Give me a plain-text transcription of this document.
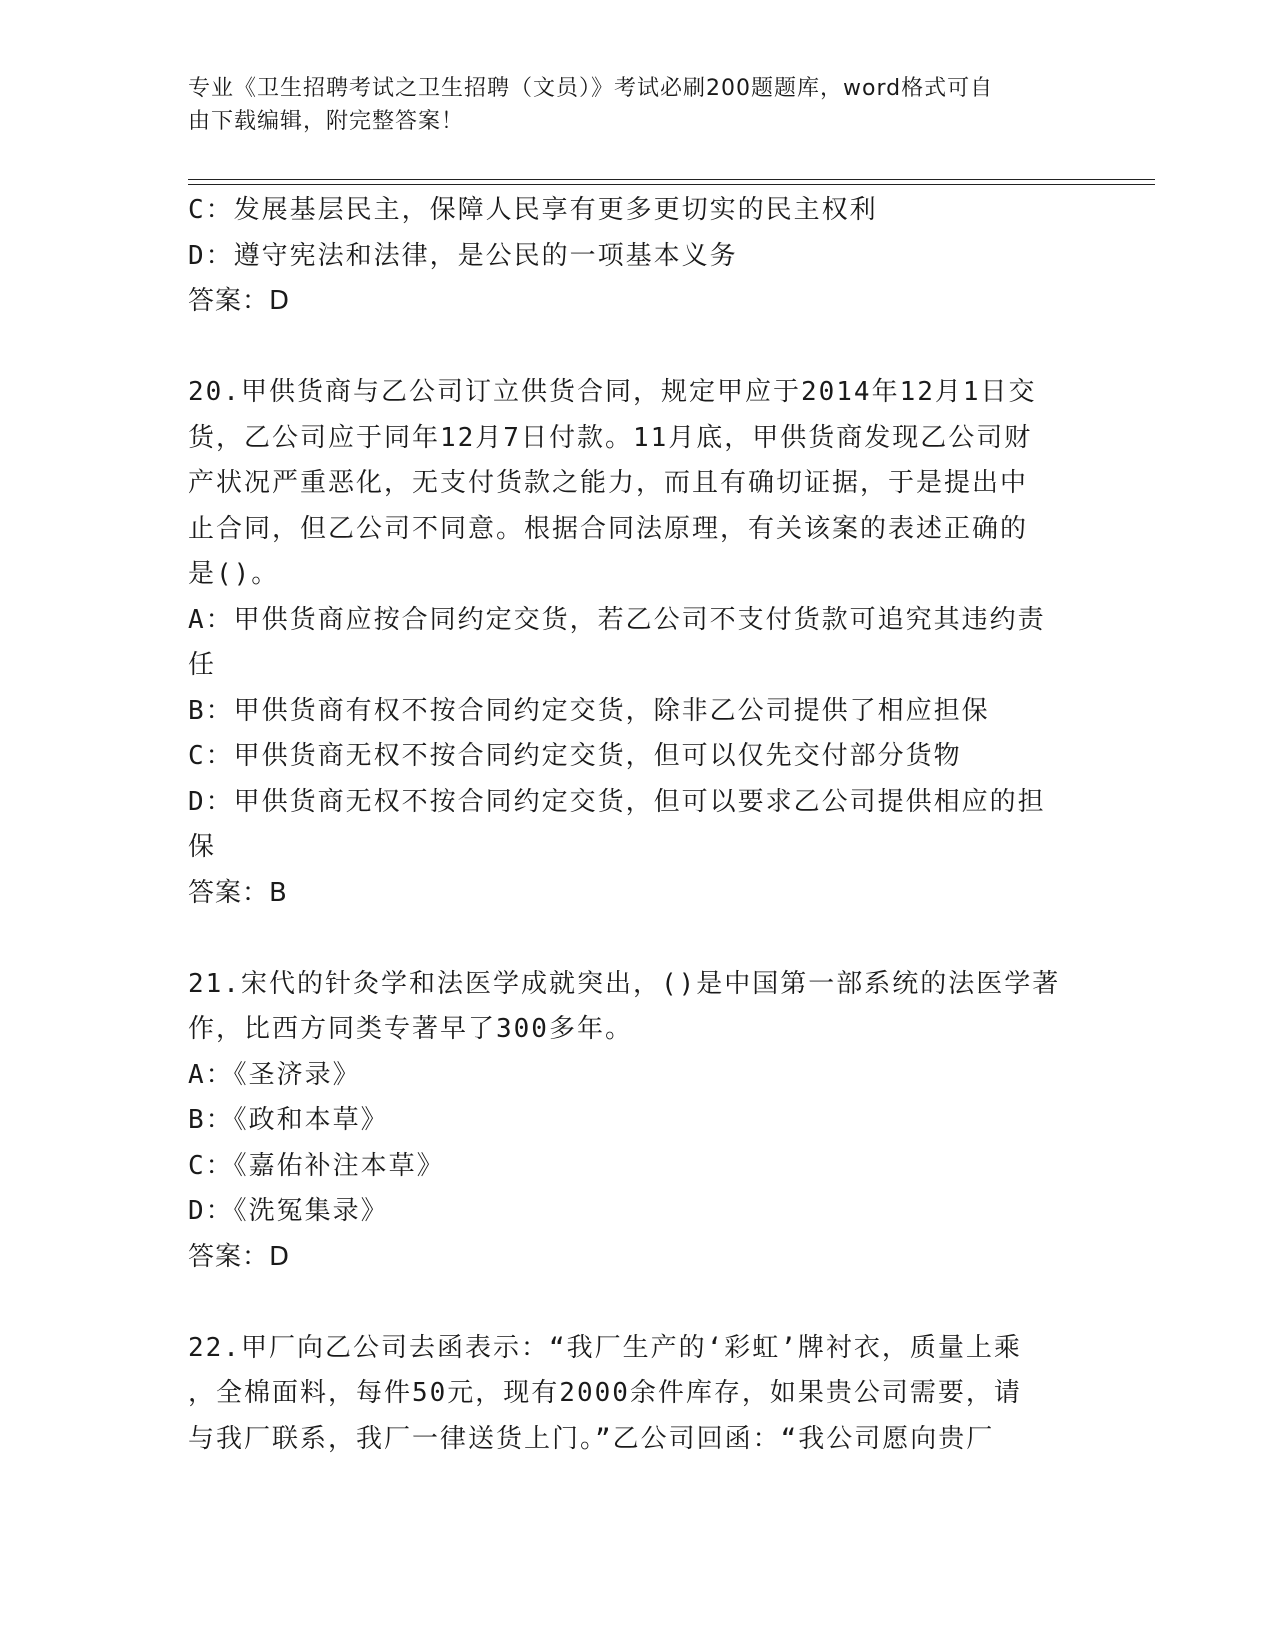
专业《卫生招聘考试之卫生招聘（文员）》考试必刷200题题库，word格式可自
由下载编辑，附完整答案！
C：发展基层民主，保障人民享有更多更切实的民主权利
D：遵守宪法和法律，是公民的一项基本义务
答案：D
20.甲供货商与乙公司订立供货合同，规定甲应于2014年12月1日交
货，乙公司应于同年12月7日付款。11月底，甲供货商发现乙公司财
产状况严重恶化，无支付货款之能力，而且有确切证据，于是提出中
止合同，但乙公司不同意。根据合同法原理，有关该案的表述正确的
是()。
A：甲供货商应按合同约定交货，若乙公司不支付货款可追究其违约责
任
B：甲供货商有权不按合同约定交货，除非乙公司提供了相应担保
C：甲供货商无权不按合同约定交货，但可以仅先交付部分货物
D：甲供货商无权不按合同约定交货，但可以要求乙公司提供相应的担
保
答案：B
21.宋代的针灸学和法医学成就突出，()是中国第一部系统的法医学著
作，比西方同类专著早了300多年。
A：《圣济录》
B：《政和本草》
C：《嘉佑补注本草》
D：《洗冤集录》
答案：D
22.甲厂向乙公司去函表示：“我厂生产的‘彩虹’牌衬衣，质量上乘
，全棉面料，每件50元，现有2000余件库存，如果贵公司需要，请
与我厂联系，我厂一律送货上门。”乙公司回函：“我公司愿向贵厂
